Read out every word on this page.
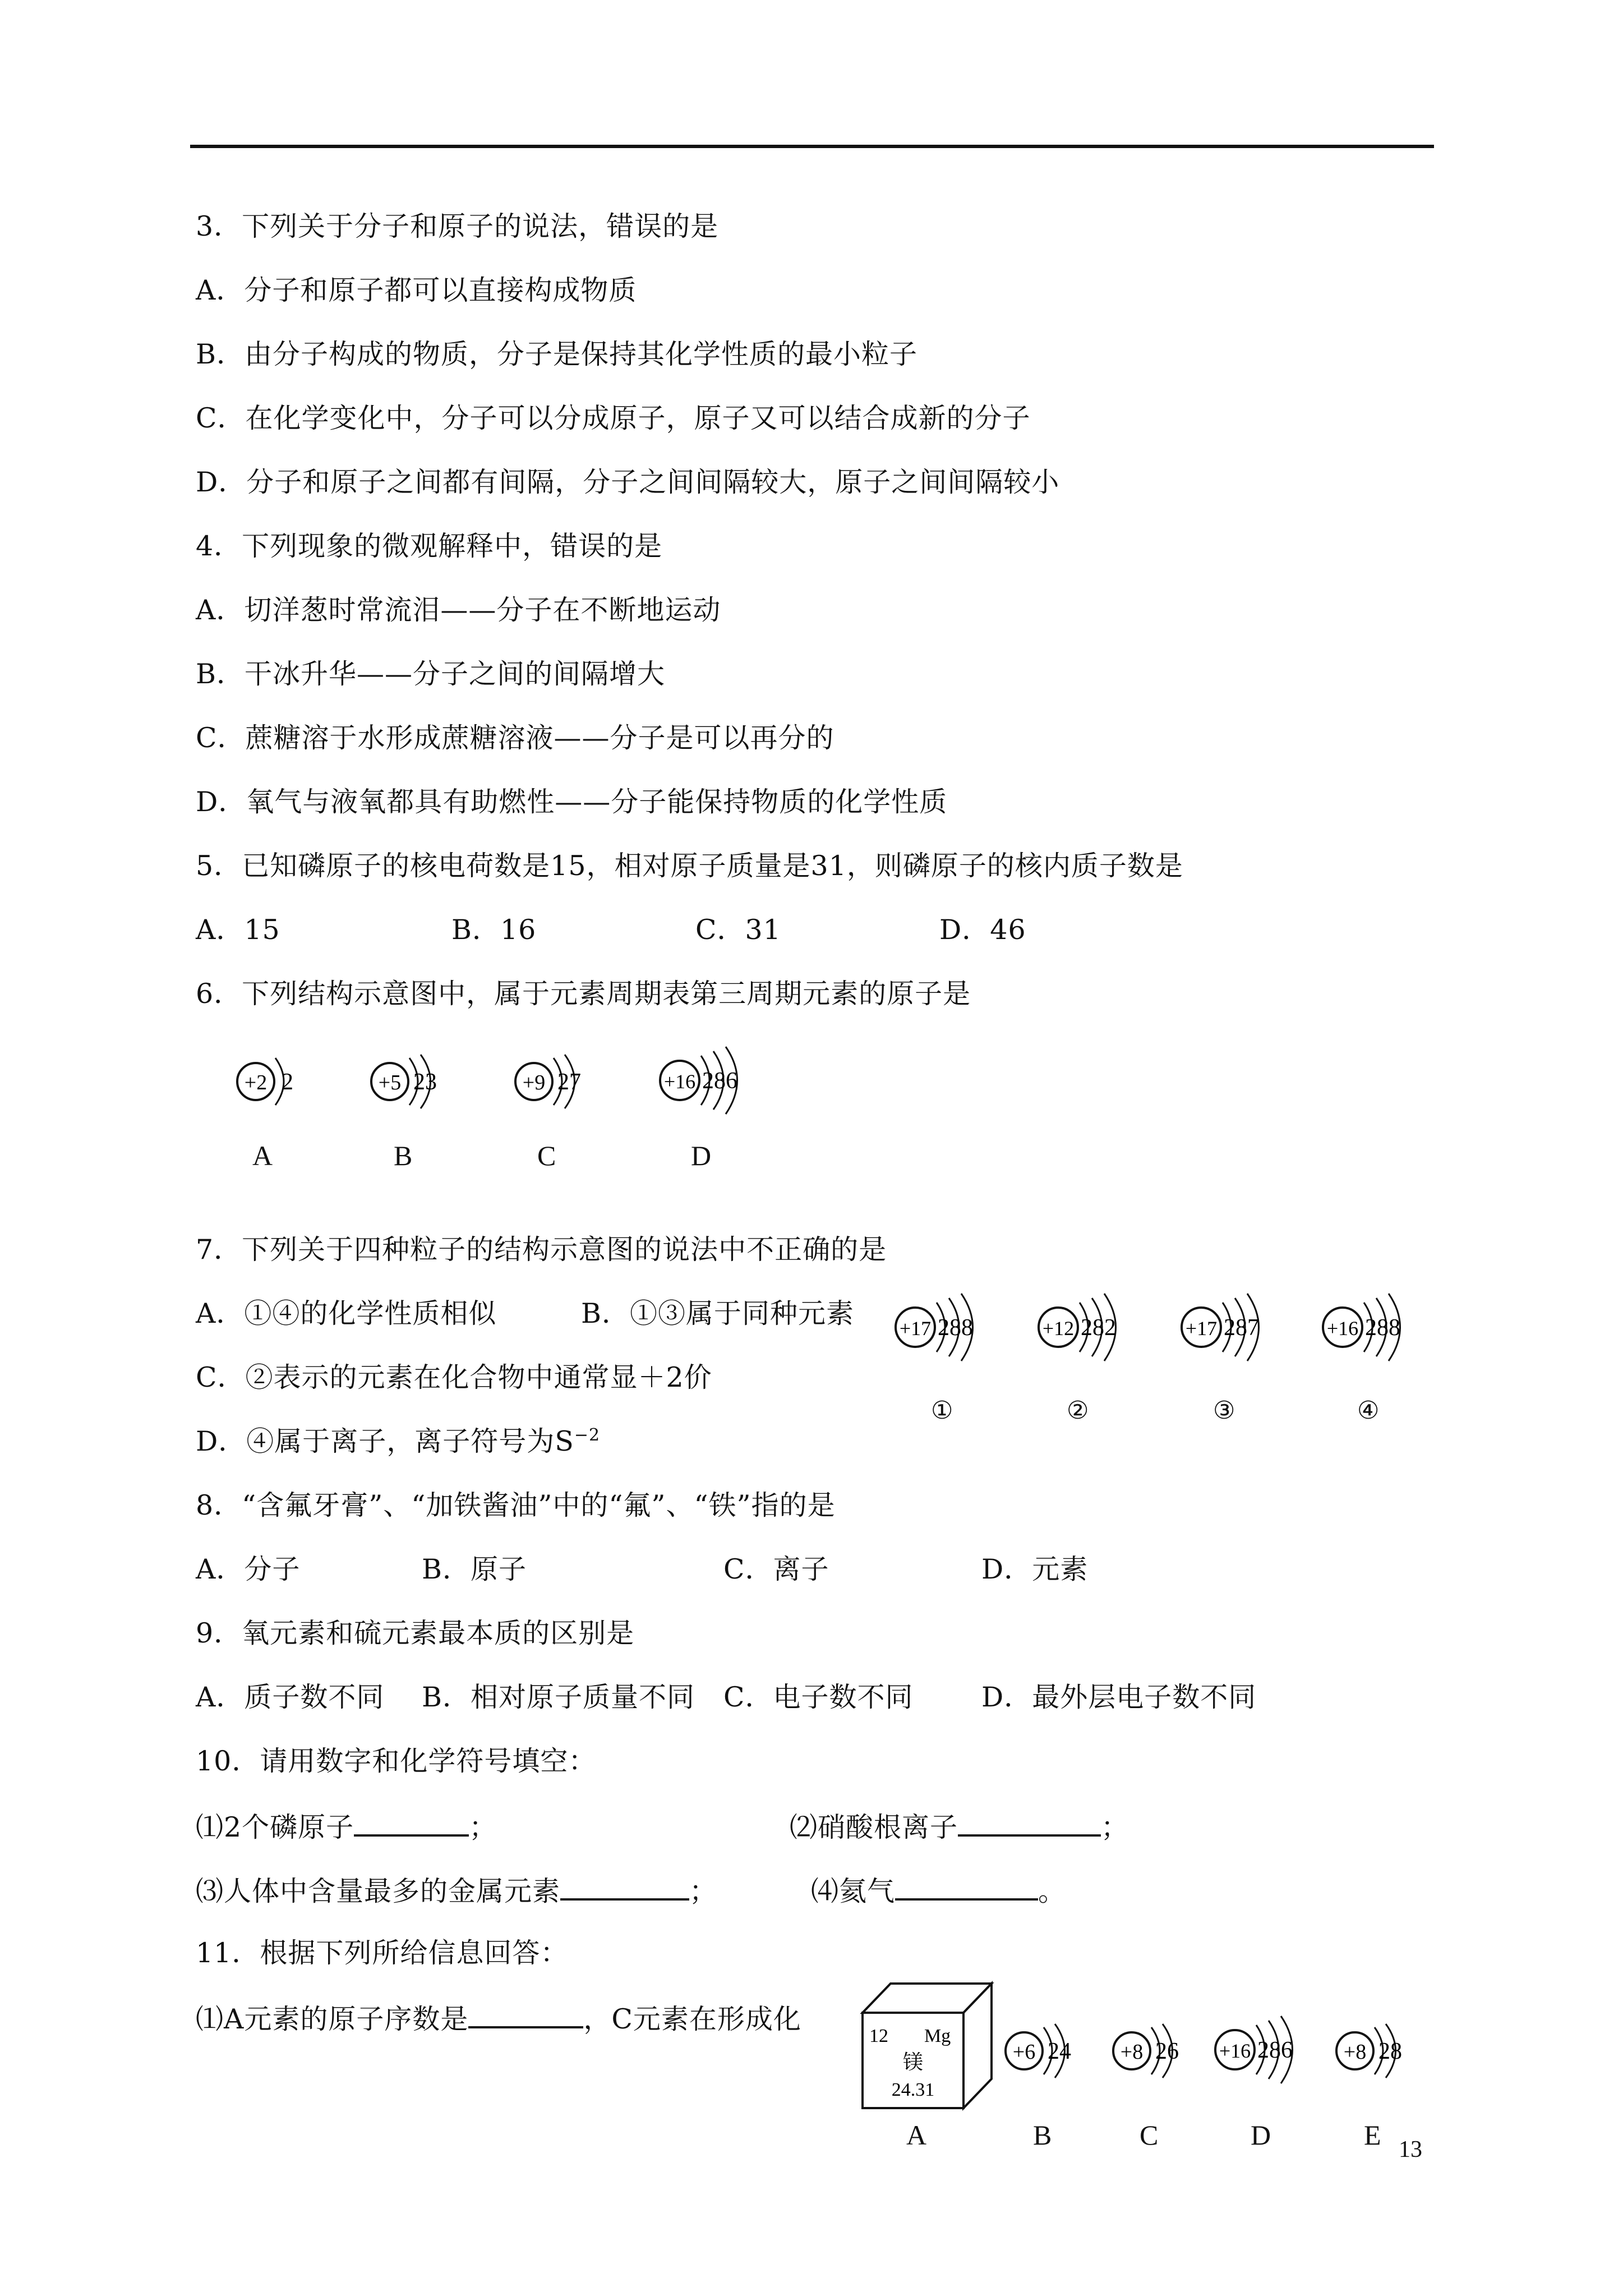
3．下列关于分子和原子的说法，错误的是
A．分子和原子都可以直接构成物质
B．由分子构成的物质，分子是保持其化学性质的最小粒子
C．在化学变化中，分子可以分成原子，原子又可以结合成新的分子
D．分子和原子之间都有间隔，分子之间间隔较大，原子之间间隔较小
4．下列现象的微观解释中，错误的是
A．切洋葱时常流泪——分子在不断地运动
B．干冰升华——分子之间的间隔增大
C．蔗糖溶于水形成蔗糖溶液——分子是可以再分的
D．氧气与液氧都具有助燃性——分子能保持物质的化学性质
5．已知磷原子的核电荷数是15，相对原子质量是31，则磷原子的核内质子数是
A．15	B．16	C．31	D．46
6．下列结构示意图中，属于元素周期表第三周期元素的原子是
+2 2
A
+5 23
B
+9 27
C
+16 286
D
7．下列关于四种粒子的结构示意图的说法中不正确的是
A．①④的化学性质相似	B．①③属于同种元素
C．②表示的元素在化合物中通常显＋2价
D．④属于离子，离子符号为$S^{-2}$
+17 288
①
+12 282
②
+17 287
③
+16 288
④
8．“含氟牙膏”、“加铁酱油”中的“氟”、“铁”指的是
A．分子	B．原子	C．离子	D．元素
9．氧元素和硫元素最本质的区别是
A．质子数不同 B．相对原子质量不同 C．电子数不同 D．最外层电子数不同
10．请用数字和化学符号填空：
⑴2个磷原子	；	⑵硝酸根离子	；
⑶人体中含量最多的金属元素	；	⑷氦气	。
11．根据下列所给信息回答：
⑴A元素的原子序数是	，C元素在形成化
12 Mg
镁
24.31
A
+6 24
B
+8 26
C
+16 286
D
+8 28
E 13
